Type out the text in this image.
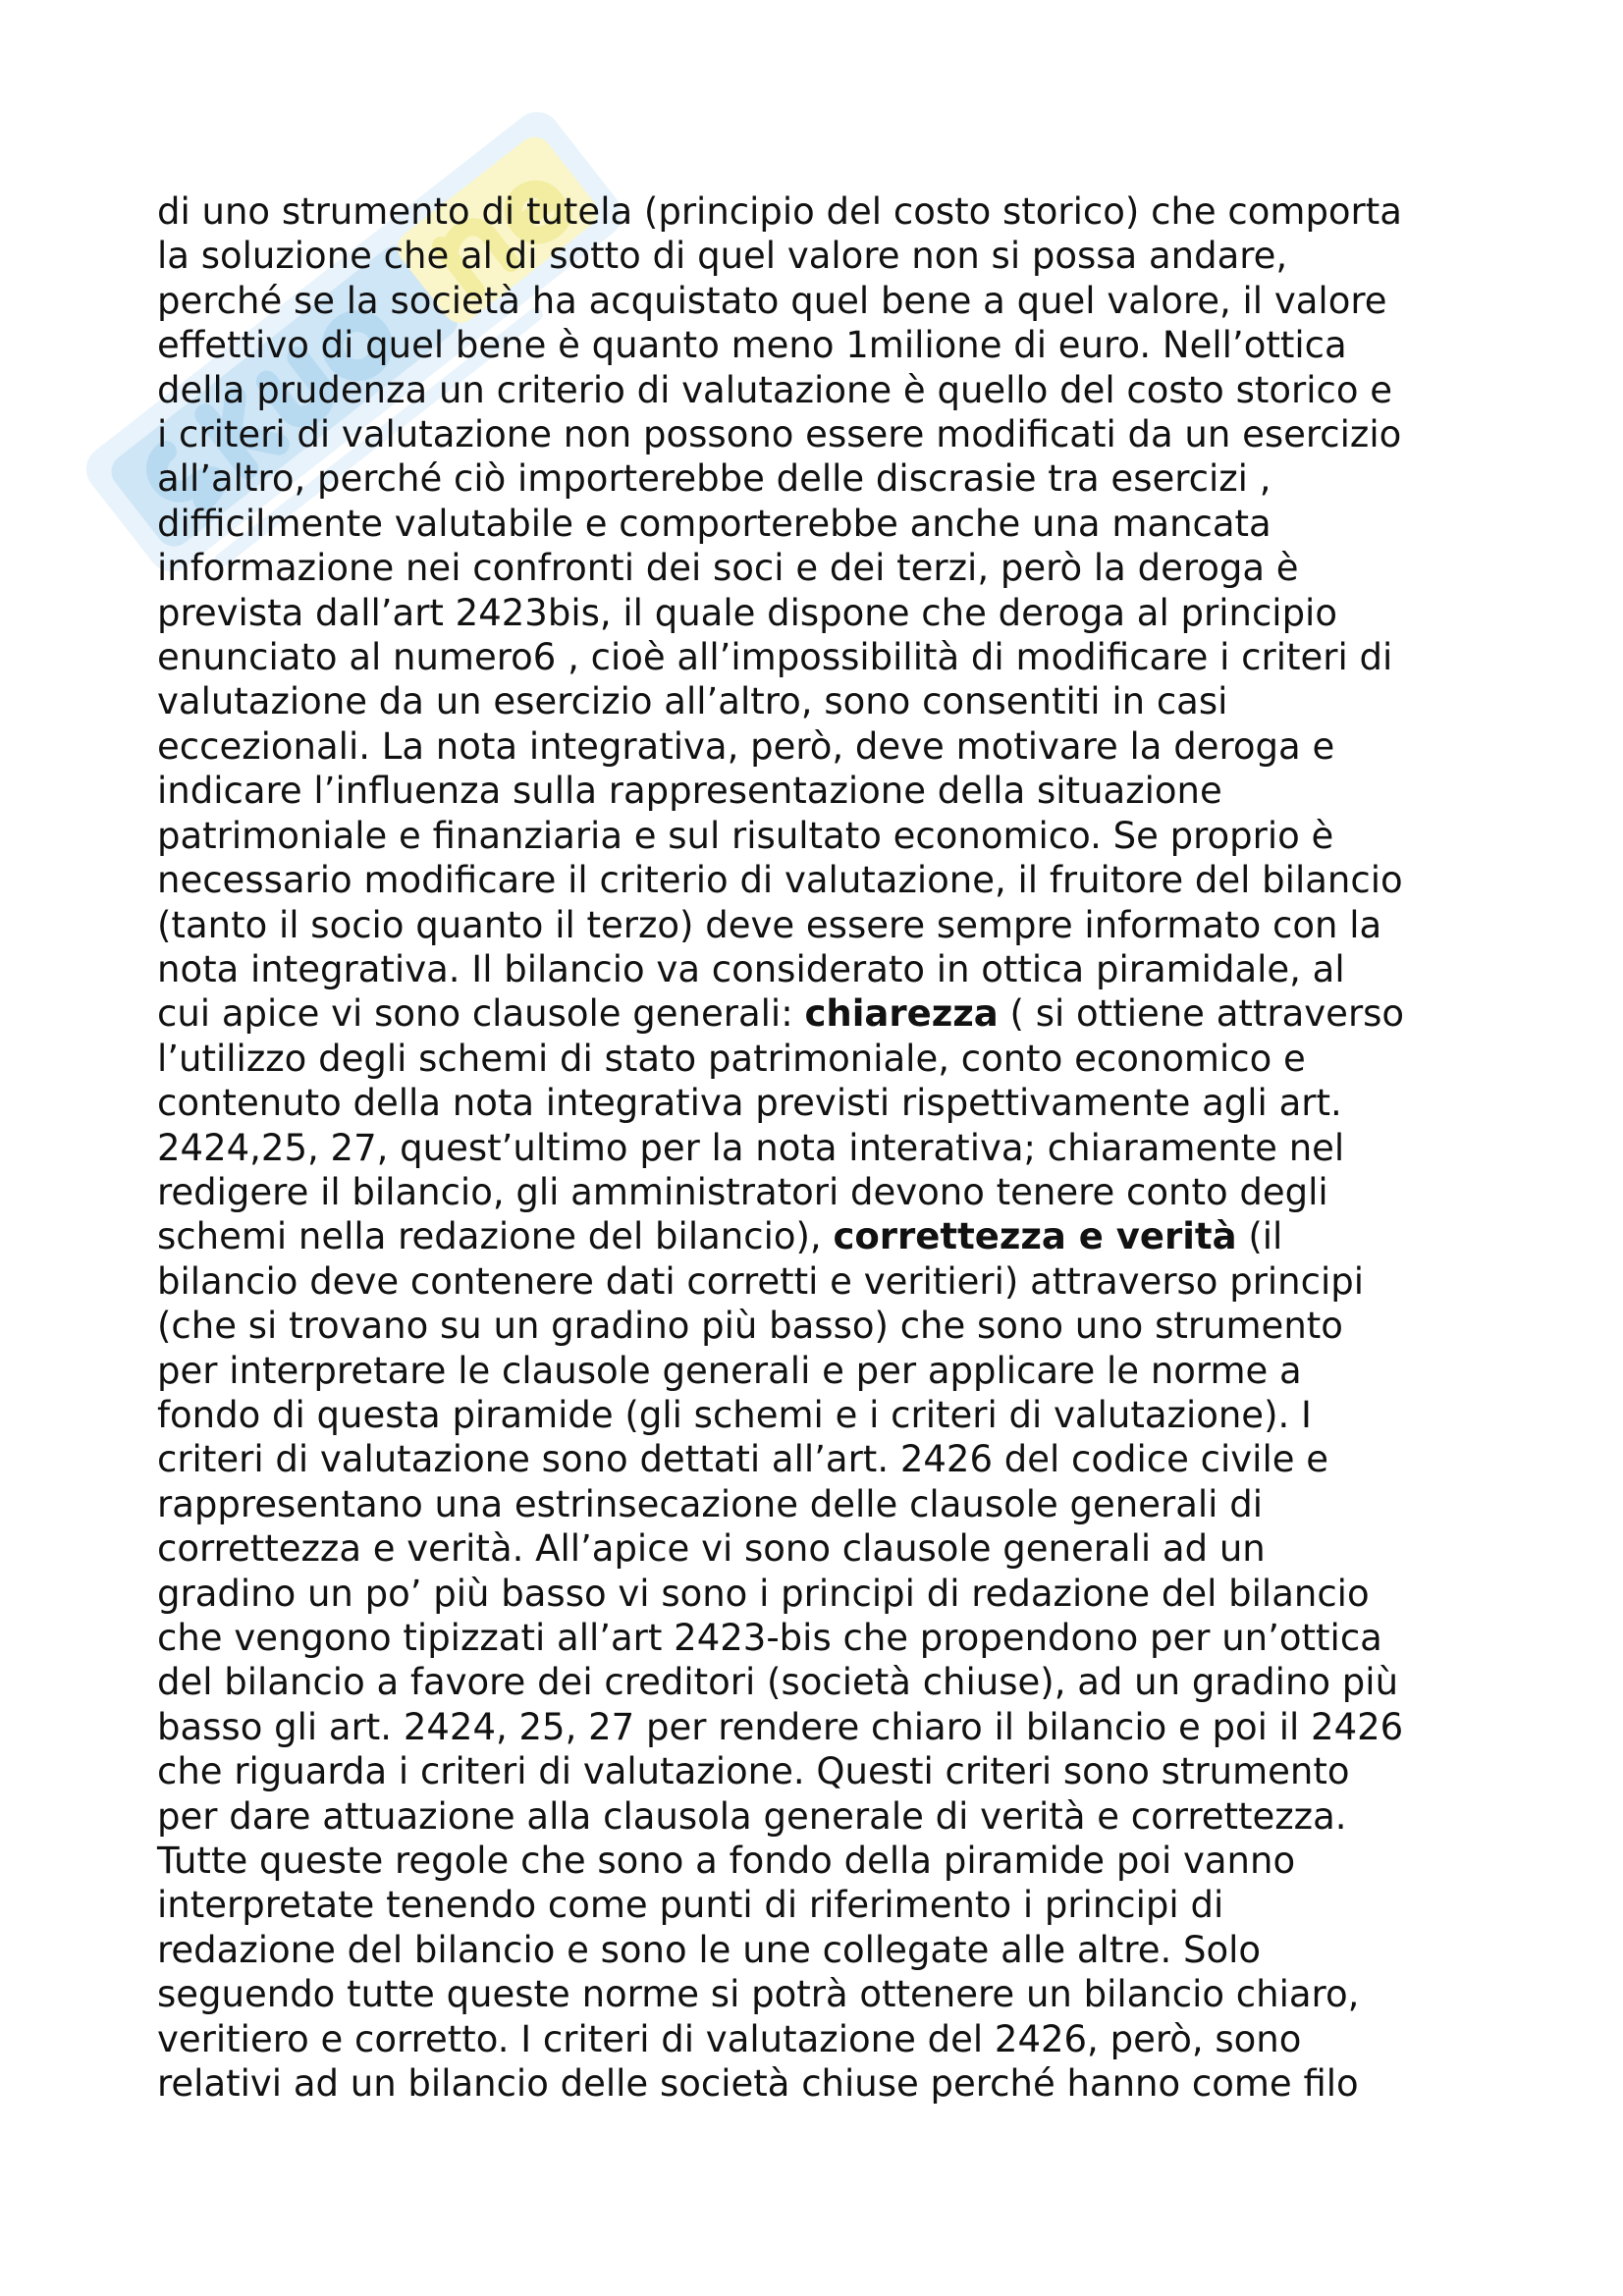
di uno strumento di tutela (principio del costo storico) che comporta
la soluzione che al di sotto di quel valore non si possa andare,
perché se la società ha acquistato quel bene a quel valore, il valore
effettivo di quel bene è quanto meno 1milione di euro. Nell’ottica
della prudenza un criterio di valutazione è quello del costo storico e
i criteri di valutazione non possono essere modificati da un esercizio
all’altro, perché ciò importerebbe delle discrasie tra esercizi ,
difficilmente valutabile e comporterebbe anche una mancata
informazione nei confronti dei soci e dei terzi, però la deroga è
prevista dall’art 2423bis, il quale dispone che deroga al principio
enunciato al numero6 , cioè all’impossibilità di modificare i criteri di
valutazione da un esercizio all’altro, sono consentiti in casi
eccezionali. La nota integrativa, però, deve motivare la deroga e
indicare l’influenza sulla rappresentazione della situazione
patrimoniale e finanziaria e sul risultato economico. Se proprio è
necessario modificare il criterio di valutazione, il fruitore del bilancio
(tanto il socio quanto il terzo) deve essere sempre informato con la
nota integrativa. Il bilancio va considerato in ottica piramidale, al
cui apice vi sono clausole generali: chiarezza ( si ottiene attraverso
l’utilizzo degli schemi di stato patrimoniale, conto economico e
contenuto della nota integrativa previsti rispettivamente agli art.
2424,25, 27, quest’ultimo per la nota interativa; chiaramente nel
redigere il bilancio, gli amministratori devono tenere conto degli
schemi nella redazione del bilancio), correttezza e verità (il
bilancio deve contenere dati corretti e veritieri) attraverso principi
(che si trovano su un gradino più basso) che sono uno strumento
per interpretare le clausole generali e per applicare le norme a
fondo di questa piramide (gli schemi e i criteri di valutazione). I
criteri di valutazione sono dettati all’art. 2426 del codice civile e
rappresentano una estrinsecazione delle clausole generali di
correttezza e verità. All’apice vi sono clausole generali ad un
gradino un po’ più basso vi sono i principi di redazione del bilancio
che vengono tipizzati all’art 2423-bis che propendono per un’ottica
del bilancio a favore dei creditori (società chiuse), ad un gradino più
basso gli art. 2424, 25, 27 per rendere chiaro il bilancio e poi il 2426
che riguarda i criteri di valutazione. Questi criteri sono strumento
per dare attuazione alla clausola generale di verità e correttezza.
Tutte queste regole che sono a fondo della piramide poi vanno
interpretate tenendo come punti di riferimento i principi di
redazione del bilancio e sono le une collegate alle altre. Solo
seguendo tutte queste norme si potrà ottenere un bilancio chiaro,
veritiero e corretto. I criteri di valutazione del 2426, però, sono
relativi ad un bilancio delle società chiuse perché hanno come filo
